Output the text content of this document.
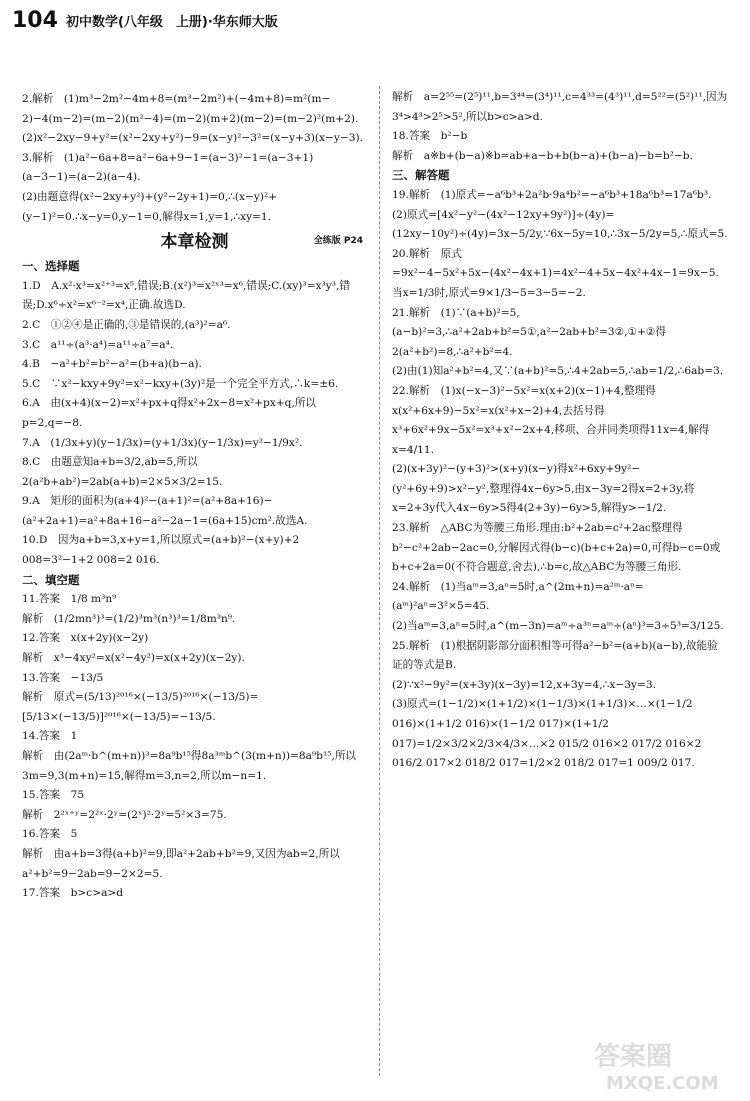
104 初中数学(八年级　上册)·华东师大版
2.解析　(1)m³−2m²−4m+8=(m³−2m²)+(−4m+8)=m²(m−
2)−4(m−2)=(m−2)(m²−4)=(m−2)(m+2)(m−2)=(m−2)²(m+2).
(2)x²−2xy−9+y²=(x²−2xy+y²)−9=(x−y)²−3²=(x−y+3)(x−y−3).
3.解析　(1)a²−6a+8=a²−6a+9−1=(a−3)²−1=(a−3+1)(a−3−1)=(a−2)(a−4).
(2)由题意得(x²−2xy+y²)+(y²−2y+1)=0,∴(x−y)²+(y−1)²=0.∴x−y=0,y−1=0,解得x=1,y=1,∴xy=1.
本章检测	全练版 P24
一、选择题
1.D　A.x²·x³=x²⁺³=x⁵,错误;B.(x²)³=x²ˣ³=x⁶,错误;C.(xy)³=x³y³,错误;D.x⁶÷x²=x⁶⁻²=x⁴,正确.故选D.
2.C　①②④是正确的,③是错误的,(a³)²=a⁶.
3.C　a¹¹÷(a³·a⁴)=a¹¹÷a⁷=a⁴.
4.B　−a²+b²=b²−a²=(b+a)(b−a).
5.C　∵x²−kxy+9y²=x²−kxy+(3y)²是一个完全平方式,∴k=±6.
6.A　由(x+4)(x−2)=x²+px+q得x²+2x−8=x²+px+q,所以p=2,q=−8.
7.A　(1/3x+y)(y−1/3x)=(y+1/3x)(y−1/3x)=y²−1/9x².
8.C　由题意知a+b=3/2,ab=5,所以2(a²b+ab²)=2ab(a+b)=2×5×3/2=15.
9.A　矩形的面积为(a+4)²−(a+1)²=(a²+8a+16)−(a²+2a+1)=a²+8a+16−a²−2a−1=(6a+15)cm².故选A.
10.D　因为a+b=3,x+y=1,所以原式=(a+b)²−(x+y)+2 008=3²−1+2 008=2 016.
二、填空题
11.答案　1/8 m³n⁹
解析　(1/2mn³)³=(1/2)³m³(n³)³=1/8m³n⁹.
12.答案　x(x+2y)(x−2y)
解析　x³−4xy²=x(x²−4y²)=x(x+2y)(x−2y).
13.答案　−13/5
解析　原式=(5/13)²⁰¹⁶×(−13/5)²⁰¹⁶×(−13/5)=[5/13×(−13/5)]²⁰¹⁶×(−13/5)=−13/5.
14.答案　1
解析　由(2aᵐ·b^(m+n))³=8a⁹b¹⁵得8a³ᵐb^(3(m+n))=8a⁹b¹⁵,所以3m=9,3(m+n)=15,解得m=3,n=2,所以m−n=1.
15.答案　75
解析　2²ˣ⁺ʸ=2²ˣ·2ʸ=(2ˣ)²·2ʸ=5²×3=75.
16.答案　5
解析　由a+b=3得(a+b)²=9,即a²+2ab+b²=9,又因为ab=2,所以a²+b²=9−2ab=9−2×2=5.
17.答案　b>c>a>d
解析　a=2⁵⁵=(2⁵)¹¹,b=3⁴⁴=(3⁴)¹¹,c=4³³=(4³)¹¹,d=5²²=(5²)¹¹,因为3⁴>4³>2⁵>5²,所以b>c>a>d.
18.答案　b²−b
解析　a※b+(b−a)※b=ab+a−b+b(b−a)+(b−a)−b=b²−b.
三、解答题
19.解析　(1)原式=−a⁶b³+2a²b·9a⁴b²=−a⁶b³+18a⁶b³=17a⁶b³.
(2)原式=[4x²−y²−(4x²−12xy+9y²)]÷(4y)=(12xy−10y²)÷(4y)=3x−5/2y,∵6x−5y=10,∴3x−5/2y=5,∴原式=5.
20.解析　原式=9x²−4−5x²+5x−(4x²−4x+1)=4x²−4+5x−4x²+4x−1=9x−5.
当x=1/3时,原式=9×1/3−5=3−5=−2.
21.解析　(1)∵(a+b)²=5,(a−b)²=3,∴a²+2ab+b²=5①,a²−2ab+b²=3②,①+②得2(a²+b²)=8,∴a²+b²=4.
(2)由(1)知a²+b²=4,又∵(a+b)²=5,∴4+2ab=5,∴ab=1/2,∴6ab=3.
22.解析　(1)x(−x−3)²−5x²=x(x+2)(x−1)+4,整理得x(x²+6x+9)−5x²=x(x²+x−2)+4,去括号得x³+6x²+9x−5x²=x³+x²−2x+4,移项、合并同类项得11x=4,解得x=4/11.
(2)(x+3y)²−(y+3)²>(x+y)(x−y)得x²+6xy+9y²−(y²+6y+9)>x²−y²,整理得4x−6y>5,由x−3y=2得x=2+3y,将x=2+3y代入4x−6y>5得4(2+3y)−6y>5,解得y>−1/2.
23.解析　△ABC为等腰三角形.理由:b²+2ab=c²+2ac整理得b²−c²+2ab−2ac=0,分解因式得(b−c)(b+c+2a)=0,可得b−c=0或b+c+2a=0(不符合题意,舍去),∴b=c,故△ABC为等腰三角形.
24.解析　(1)当aᵐ=3,aⁿ=5时,a^(2m+n)=a²ᵐ·aⁿ=(aᵐ)²aⁿ=3²×5=45.
(2)当aᵐ=3,aⁿ=5时,a^(m−3n)=aᵐ÷a³ⁿ=aᵐ÷(aⁿ)³=3÷5³=3/125.
25.解析　(1)根据阴影部分面积相等可得a²−b²=(a+b)(a−b),故能验证的等式是B.
(2)∵x²−9y²=(x+3y)(x−3y)=12,x+3y=4,∴x−3y=3.
(3)原式=(1−1/2)×(1+1/2)×(1−1/3)×(1+1/3)×…×(1−1/2 016)×(1+1/2 016)×(1−1/2 017)×(1+1/2 017)=1/2×3/2×2/3×4/3×…×2 015/2 016×2 017/2 016×2 016/2 017×2 018/2 017=1/2×2 018/2 017=1 009/2 017.
答案圈
MXQE.COM
